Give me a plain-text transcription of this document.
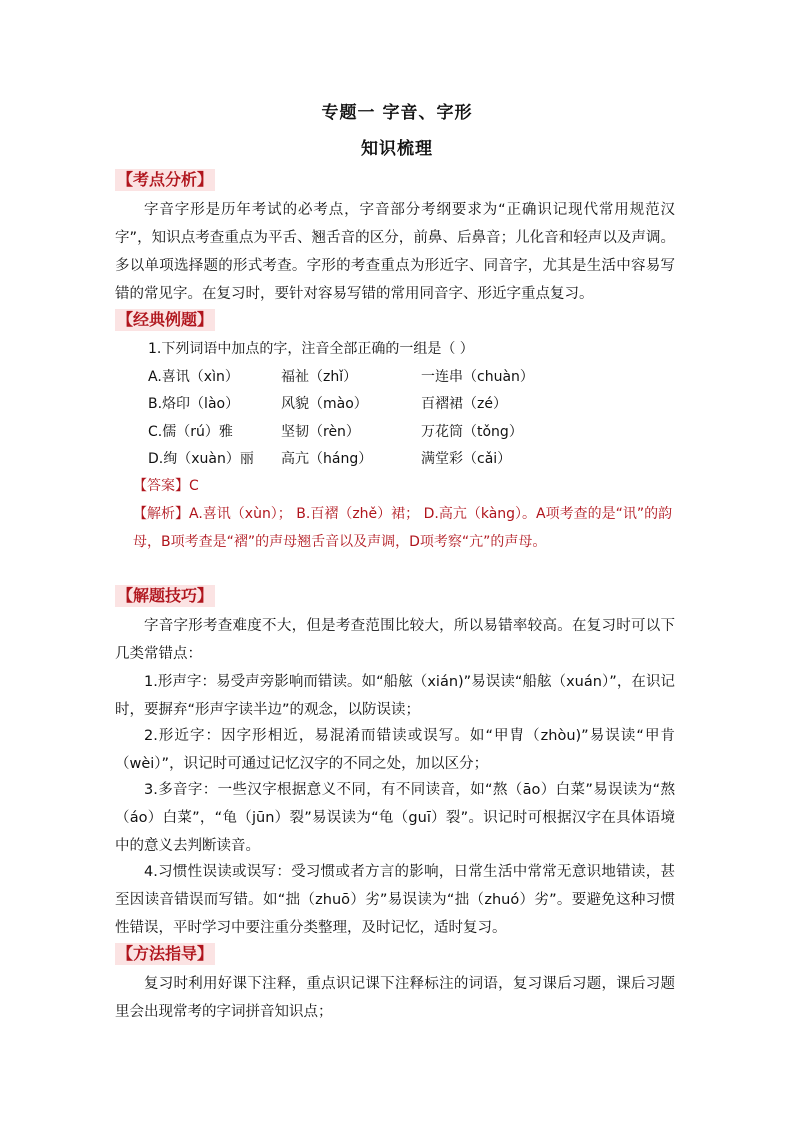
专题一 字音、字形
知识梳理
【考点分析】
字音字形是历年考试的必考点，字音部分考纲要求为“正确识记现代常用规范汉字”，知识点考查重点为平舌、翘舌音的区分，前鼻、后鼻音；儿化音和轻声以及声调。多以单项选择题的形式考查。字形的考查重点为形近字、同音字，尤其是生活中容易写错的常见字。在复习时，要针对容易写错的常用同音字、形近字重点复习。
【经典例题】
1.下列词语中加点的字，注音全部正确的一组是（ ）
A.喜讯（xìn）	福祉（zhǐ）	一连串（chuàn）
B.烙印（lào）	风貌（mào）	百褶裙（zé）
C.儒（rú）雅	坚韧（rèn）	万花筒（tǒng）
D.绚（xuàn）丽 高亢（háng）	满堂彩（cǎi）
【答案】C
【解析】A.喜讯（xùn）； B.百褶（zhě）裙； D.高亢（kàng）。A项考查的是“讯”的韵母，B项考查是“褶”的声母翘舌音以及声调，D项考察“亢”的声母。
【解题技巧】
字音字形考查难度不大，但是考查范围比较大，所以易错率较高。在复习时可以下几类常错点：
1.形声字：易受声旁影响而错读。如“船舷（xián)”易误读“船舷（xuán）”，在识记时，要摒弃“形声字读半边”的观念，以防误读；
2.形近字：因字形相近，易混淆而错读或误写。如“甲胄（zhòu)”易误读“甲肯（wèi）”，识记时可通过记忆汉字的不同之处，加以区分；
3.多音字：一些汉字根据意义不同，有不同读音，如“熬（āo）白菜”易误读为“熬（áo）白菜”，“龟（jūn）裂”易误读为“龟（guī）裂”。识记时可根据汉字在具体语境中的意义去判断读音。
4.习惯性误读或误写：受习惯或者方言的影响，日常生活中常常无意识地错读，甚至因读音错误而写错。如“拙（zhuō）劣”易误读为“拙（zhuó）劣”。要避免这种习惯性错误，平时学习中要注重分类整理，及时记忆，适时复习。
【方法指导】
复习时利用好课下注释，重点识记课下注释标注的词语，复习课后习题，课后习题里会出现常考的字词拼音知识点；
